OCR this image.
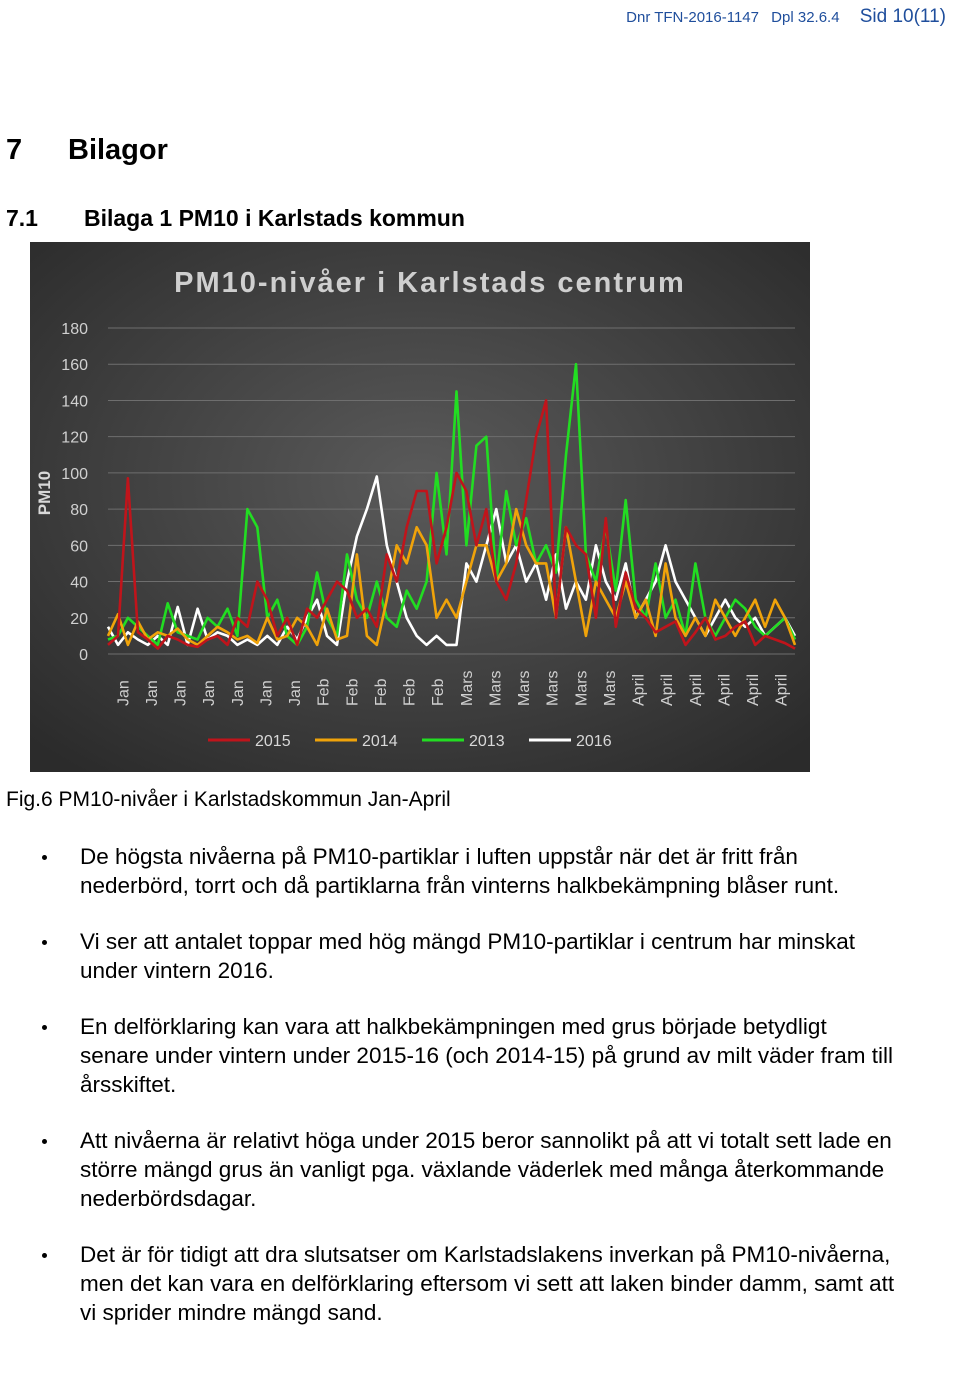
Dnr TFN-2016-1147 Dpl 32.6.4 Sid 10(11)
7 Bilagor
7.1 Bilaga 1 PM10 i Karlstads kommun
PM10-nivåer i Karlstads centrum
PM10
0
20
40
60
80
100
120
140
160
180
Jan Jan Jan Jan Jan Jan Jan Feb Feb Feb Feb Feb Mars Mars Mars Mars Mars Mars April April April April April April
2015	2014	2013	2016
Fig.6 PM10-nivåer i Karlstadskommun Jan-April
De högsta nivåerna på PM10-partiklar i luften uppstår när det är fritt från nederbörd, torrt och då partiklarna från vinterns halkbekämpning blåser runt.
Vi ser att antalet toppar med hög mängd PM10-partiklar i centrum har minskat under vintern 2016.
En delförklaring kan vara att halkbekämpningen med grus började betydligt senare under vintern under 2015-16 (och 2014-15) på grund av milt väder fram till årsskiftet.
Att nivåerna är relativt höga under 2015 beror sannolikt på att vi totalt sett lade en större mängd grus än vanligt pga. växlande väderlek med många återkommande nederbördsdagar.
Det är för tidigt att dra slutsatser om Karlstadslakens inverkan på PM10-nivåerna, men det kan vara en delförklaring eftersom vi sett att laken binder damm, samt att vi sprider mindre mängd sand.
